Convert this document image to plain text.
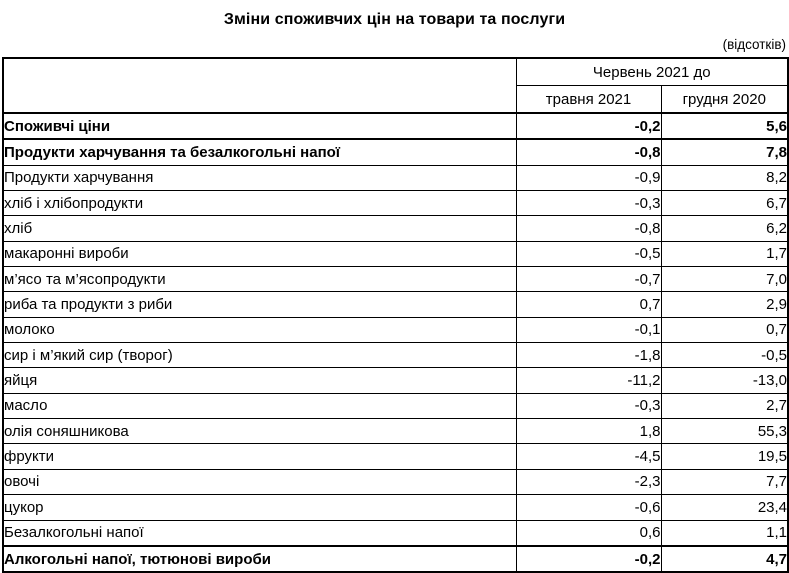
Зміни споживчих цін на товари та послуги
(відсотків)
	Червень 2021 до	
	травня 2021	грудня 2020
Споживчі ціни	-0,2	5,6
Продукти харчування та безалкогольні напої	-0,8	7,8
Продукти харчування	-0,9	8,2
хліб і хлібопродукти	-0,3	6,7
хліб	-0,8	6,2
макаронні вироби	-0,5	1,7
м’ясо та м’ясопродукти	-0,7	7,0
риба та продукти з риби	0,7	2,9
молоко	-0,1	0,7
сир і м’який сир (творог)	-1,8	-0,5
яйця	-11,2	-13,0
масло	-0,3	2,7
олія соняшникова	1,8	55,3
фрукти	-4,5	19,5
овочі	-2,3	7,7
цукор	-0,6	23,4
Безалкогольні напої	0,6	1,1
Алкогольні напої, тютюнові вироби	-0,2	4,7
